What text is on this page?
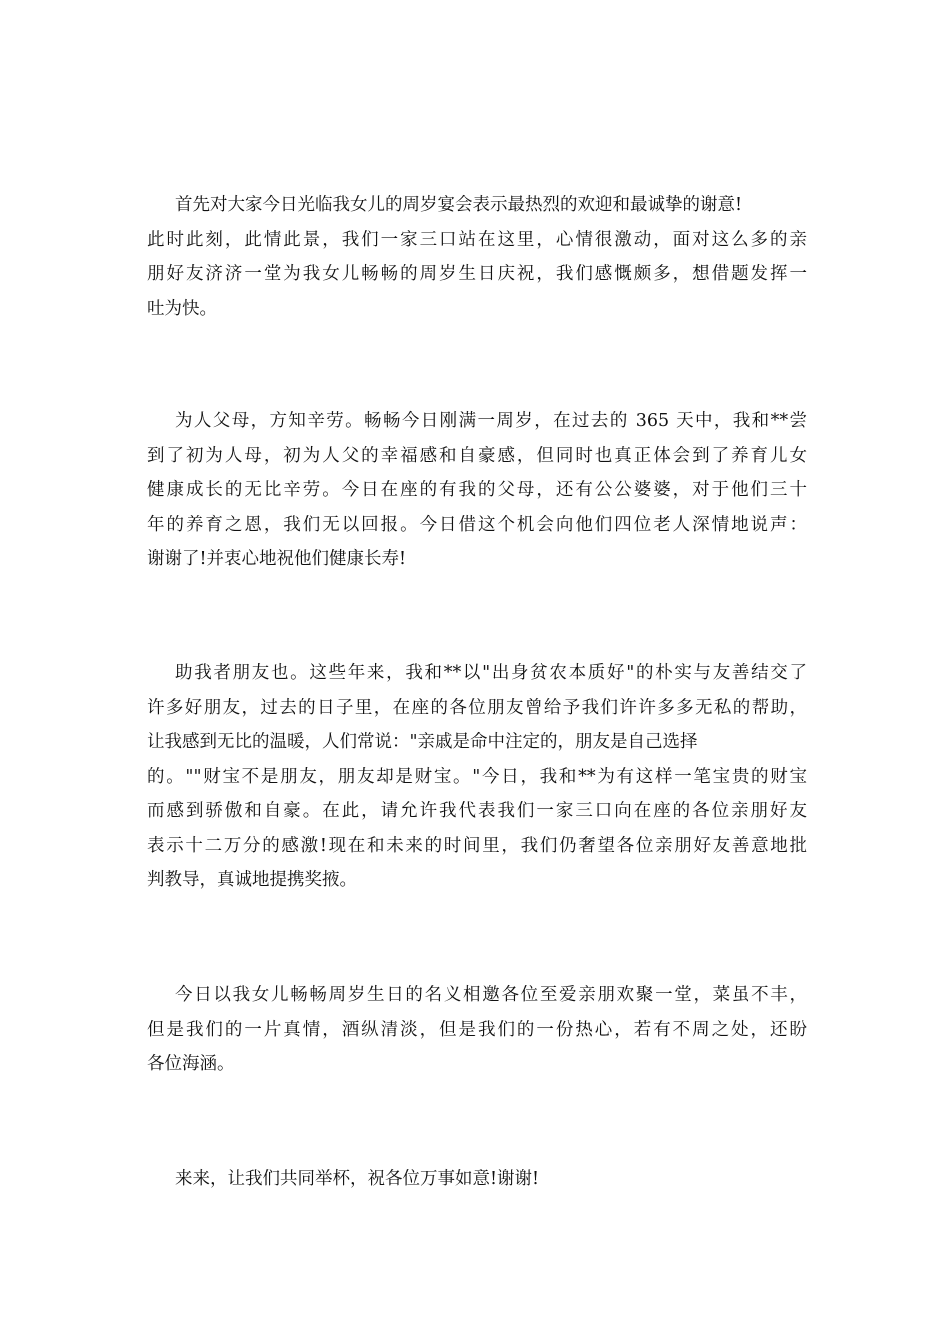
首先对大家今日光临我女儿的周岁宴会表示最热烈的欢迎和最诚挚的谢意!
此时此刻，此情此景，我们一家三口站在这里，心情很激动，面对这么多的亲
朋好友济济一堂为我女儿畅畅的周岁生日庆祝，我们感慨颇多，想借题发挥一
吐为快。
为人父母，方知辛劳。畅畅今日刚满一周岁，在过去的 365 天中，我和**尝
到了初为人母，初为人父的幸福感和自豪感，但同时也真正体会到了养育儿女
健康成长的无比辛劳。今日在座的有我的父母，还有公公婆婆，对于他们三十
年的养育之恩，我们无以回报。今日借这个机会向他们四位老人深情地说声：
谢谢了!并衷心地祝他们健康长寿!
助我者朋友也。这些年来，我和**以"出身贫农本质好"的朴实与友善结交了
许多好朋友，过去的日子里，在座的各位朋友曾给予我们许许多多无私的帮助，
让我感到无比的温暖，人们常说："亲戚是命中注定的，朋友是自己选择
的。""财宝不是朋友，朋友却是财宝。"今日，我和**为有这样一笔宝贵的财宝
而感到骄傲和自豪。在此，请允许我代表我们一家三口向在座的各位亲朋好友
表示十二万分的感激!现在和未来的时间里，我们仍奢望各位亲朋好友善意地批
判教导，真诚地提携奖掖。
今日以我女儿畅畅周岁生日的名义相邀各位至爱亲朋欢聚一堂，菜虽不丰，
但是我们的一片真情，酒纵清淡，但是我们的一份热心，若有不周之处，还盼
各位海涵。
来来，让我们共同举杯，祝各位万事如意!谢谢!
